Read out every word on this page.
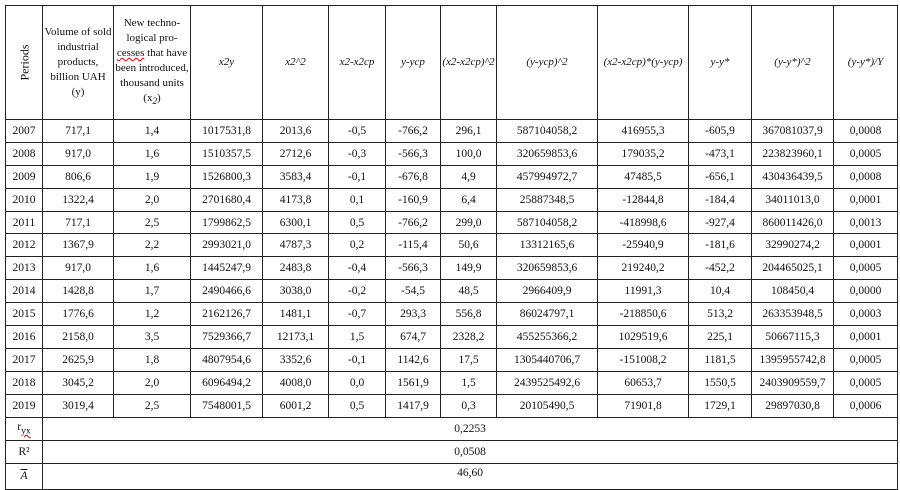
Periods	Volume of sold industrial products, billion UAH (y)	New techno-logical pro-cesses that have been introduced, thousand units $(x_2)$	x2y	x2^2	x2-x2cp	y-ycp	(x2-x2cp)^2	(y-ycp)^2	(x2-x2cp)*(y-ycp)	y-y*	(y-y*)^2	(y-y*)/Y
2007	717,1	1,4	1017531,8	2013,6	-0,5	-766,2	296,1	587104058,2	416955,3	-605,9	367081037,9	0,0008
2008	917,0	1,6	1510357,5	2712,6	-0,3	-566,3	100,0	320659853,6	179035,2	-473,1	223823960,1	0,0005
2009	806,6	1,9	1526800,3	3583,4	-0,1	-676,8	4,9	457994972,7	47485,5	-656,1	430436439,5	0,0008
2010	1322,4	2,0	2701680,4	4173,8	0,1	-160,9	6,4	25887348,5	-12844,8	-184,4	34011013,0	0,0001
2011	717,1	2,5	1799862,5	6300,1	0,5	-766,2	299,0	587104058,2	-418998,6	-927,4	860011426,0	0,0013
2012	1367,9	2,2	2993021,0	4787,3	0,2	-115,4	50,6	13312165,6	-25940,9	-181,6	32990274,2	0,0001
2013	917,0	1,6	1445247,9	2483,8	-0,4	-566,3	149,9	320659853,6	219240,2	-452,2	204465025,1	0,0005
2014	1428,8	1,7	2490466,6	3038,0	-0,2	-54,5	48,5	2966409,9	11991,3	10,4	108450,4	0,0000
2015	1776,6	1,2	2162126,7	1481,1	-0,7	293,3	556,8	86024797,1	-218850,6	513,2	263353948,5	0,0003
2016	2158,0	3,5	7529366,7	12173,1	1,5	674,7	2328,2	455255366,2	1029519,6	225,1	50667115,3	0,0001
2017	2625,9	1,8	4807954,6	3352,6	-0,1	1142,6	17,5	1305440706,7	-151008,2	1181,5	1395955742,8	0,0005
2018	3045,2	2,0	6096494,2	4008,0	0,0	1561,9	1,5	2439525492,6	60653,7	1550,5	2403909559,7	0,0005
2019	3019,4	2,5	7548001,5	6001,2	0,5	1417,9	0,3	20105490,5	71901,8	1729,1	29897030,8	0,0006
$r_{yx}$	0,2253											
R²	0,0508											
$\overline{A}$	46,60											
